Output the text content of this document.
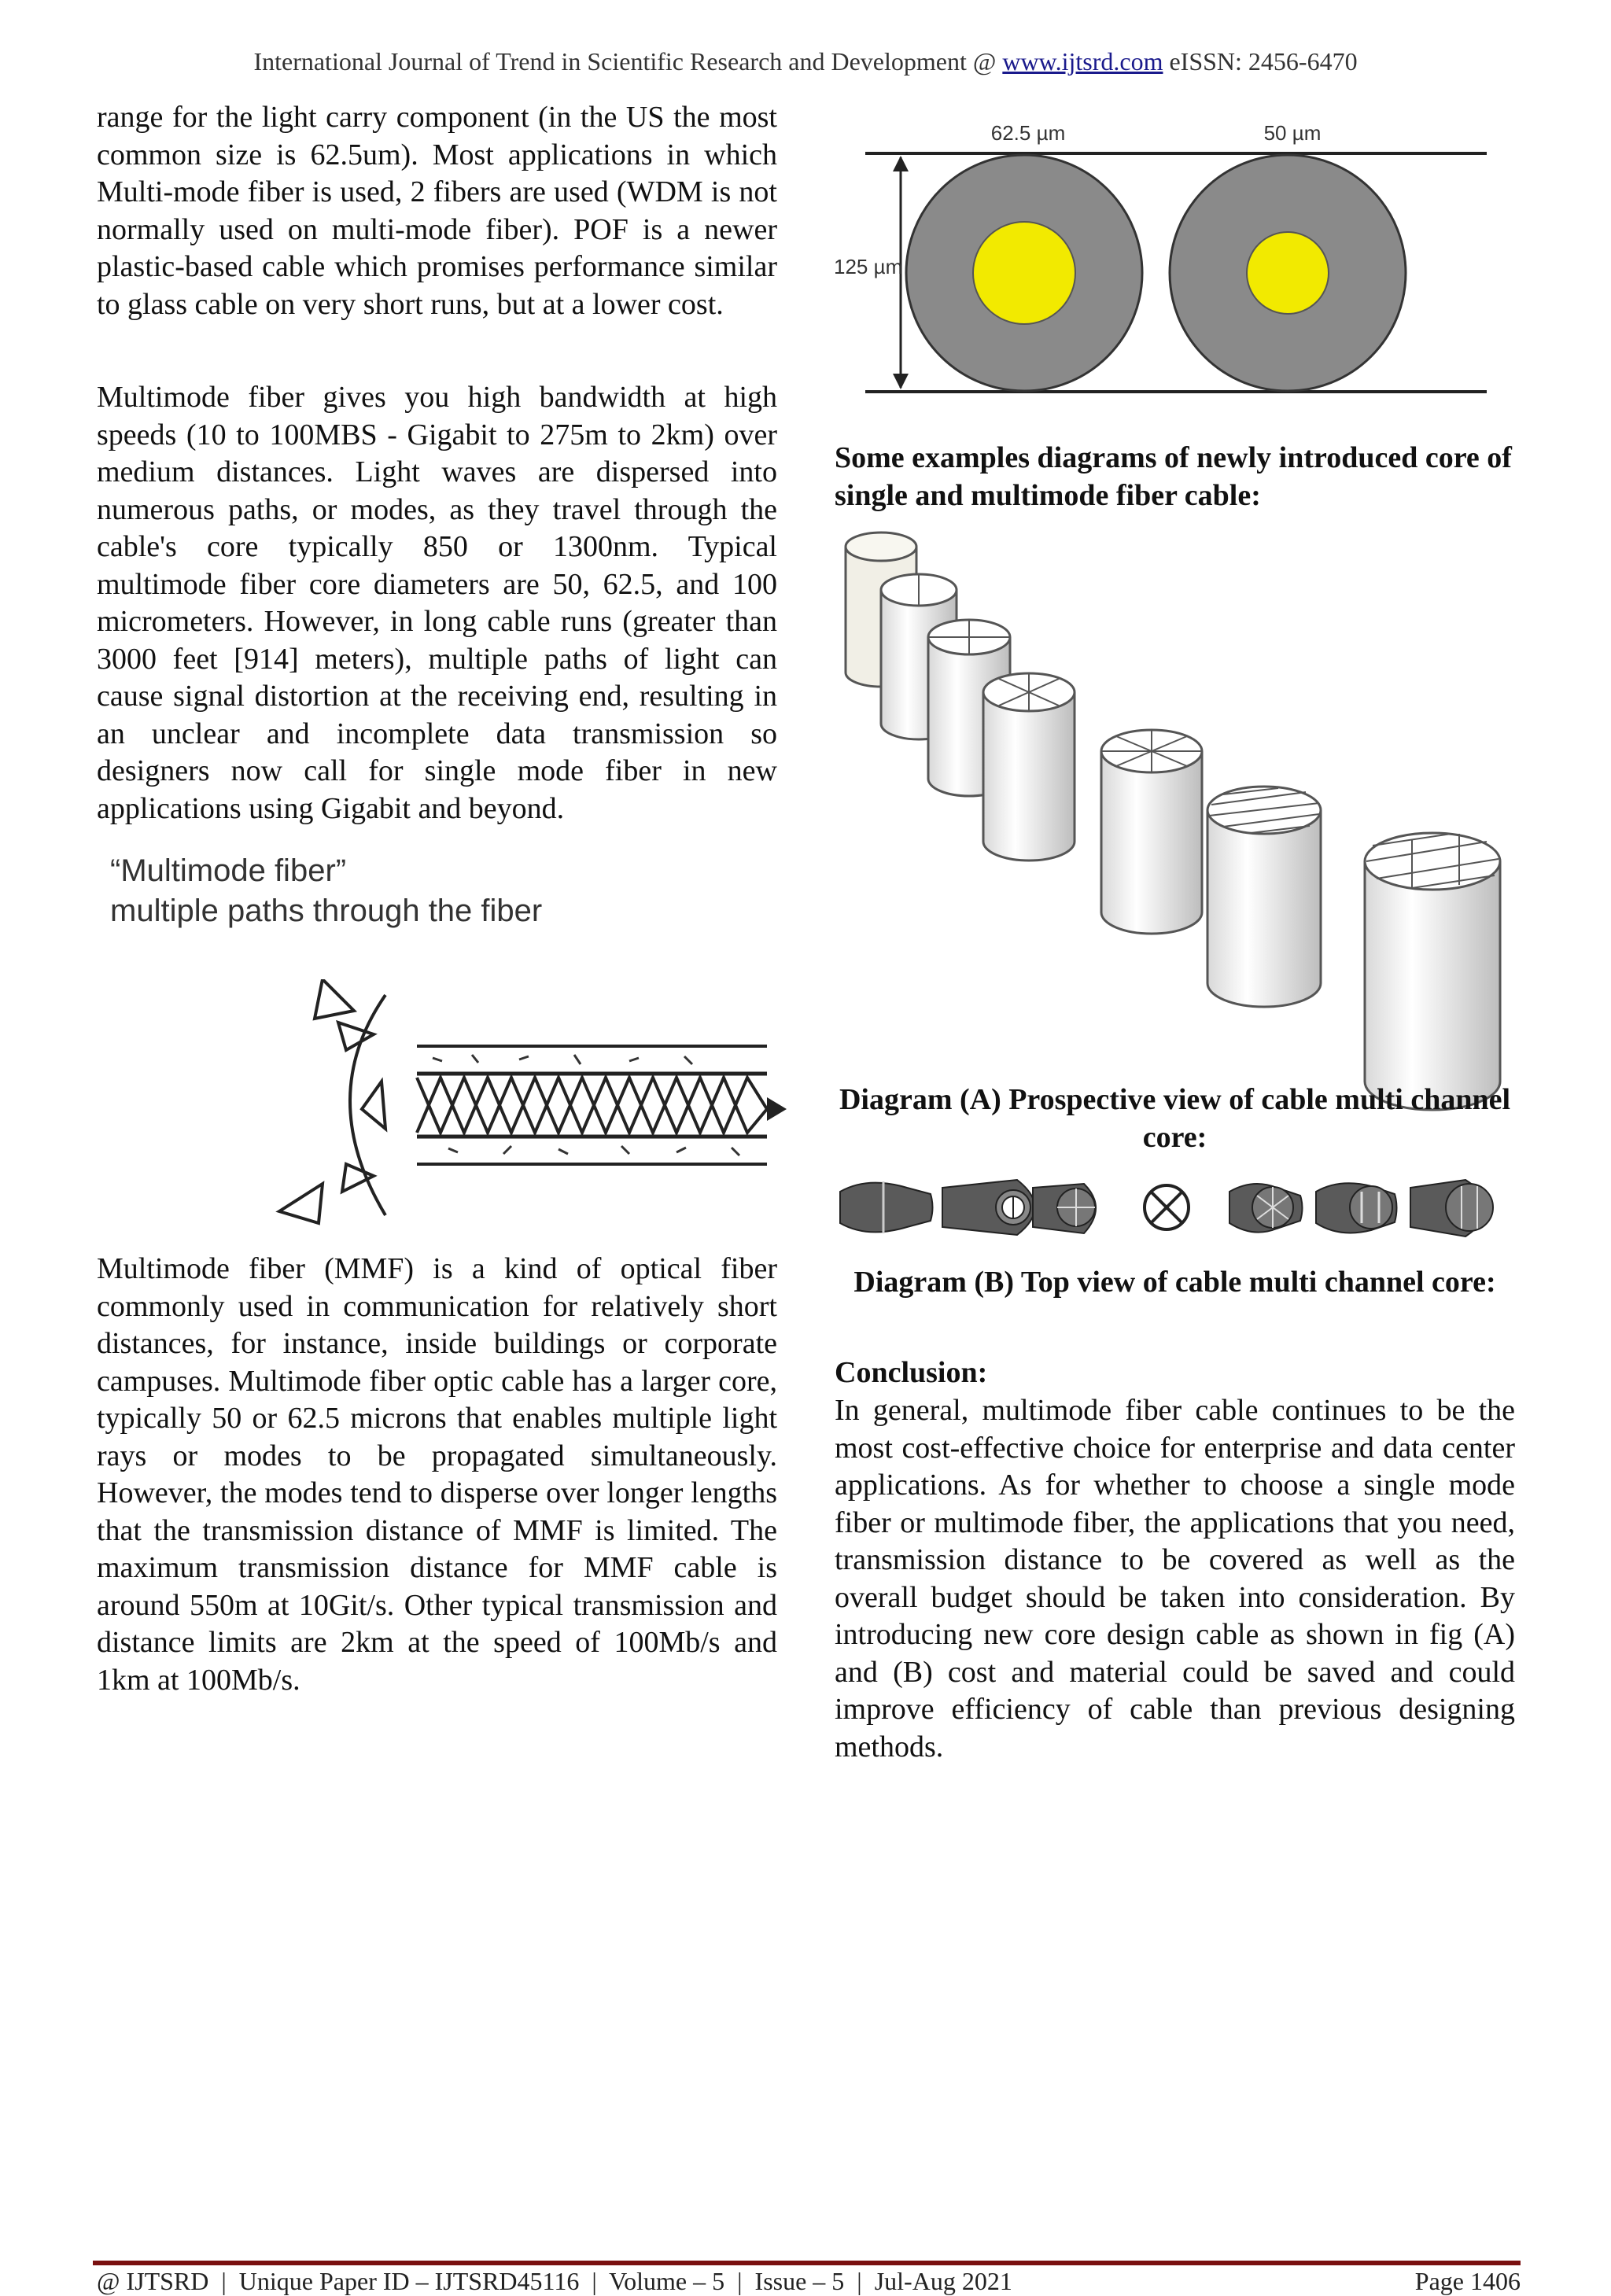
International Journal of Trend in Scientific Research and Development @ www.ijtsrd.com eISSN: 2456-6470

range for the light carry component (in the US the most common size is 62.5um). Most applications in which Multi-mode fiber is used, 2 fibers are used (WDM is not normally used on multi-mode fiber). POF is a newer plastic-based cable which promises performance similar to glass cable on very short runs, but at a lower cost.

Multimode fiber gives you high bandwidth at high speeds (10 to 100MBS - Gigabit to 275m to 2km) over medium distances. Light waves are dispersed into numerous paths, or modes, as they travel through the cable's core typically 850 or 1300nm. Typical multimode fiber core diameters are 50, 62.5, and 100 micrometers. However, in long cable runs (greater than 3000 feet [914] meters), multiple paths of light can cause signal distortion at the receiving end, resulting in an unclear and incomplete data transmission so designers now call for single mode fiber in new applications using Gigabit and beyond.

“Multimode fiber”
multiple paths through the fiber

Multimode fiber (MMF) is a kind of optical fiber commonly used in communication for relatively short distances, for instance, inside buildings or corporate campuses. Multimode fiber optic cable has a larger core, typically 50 or 62.5 microns that enables multiple light rays or modes to be propagated simultaneously. However, the modes tend to disperse over longer lengths that the transmission distance of MMF is limited. The maximum transmission distance for MMF cable is around 550m at 10Git/s. Other typical transmission and distance limits are 2km at the speed of 100Mb/s and 1km at 100Mb/s.

62.5 µm	50 µm
125 µm
Some examples diagrams of newly introduced core of single and multimode fiber cable:
Diagram (A) Prospective view of cable multi channel core:
Diagram (B) Top view of cable multi channel core:
Conclusion:

In general, multimode fiber cable continues to be the most cost-effective choice for enterprise and data center applications. As for whether to choose a single mode fiber or multimode fiber, the applications that you need, transmission distance to be covered as well as the overall budget should be taken into consideration. By introducing new core design cable as shown in fig (A) and (B) cost and material could be saved and could improve efficiency of cable than previous designing methods.

@ IJTSRD  |  Unique Paper ID – IJTSRD45116  |  Volume – 5  |  Issue – 5  |  Jul-Aug 2021	Page 1406
